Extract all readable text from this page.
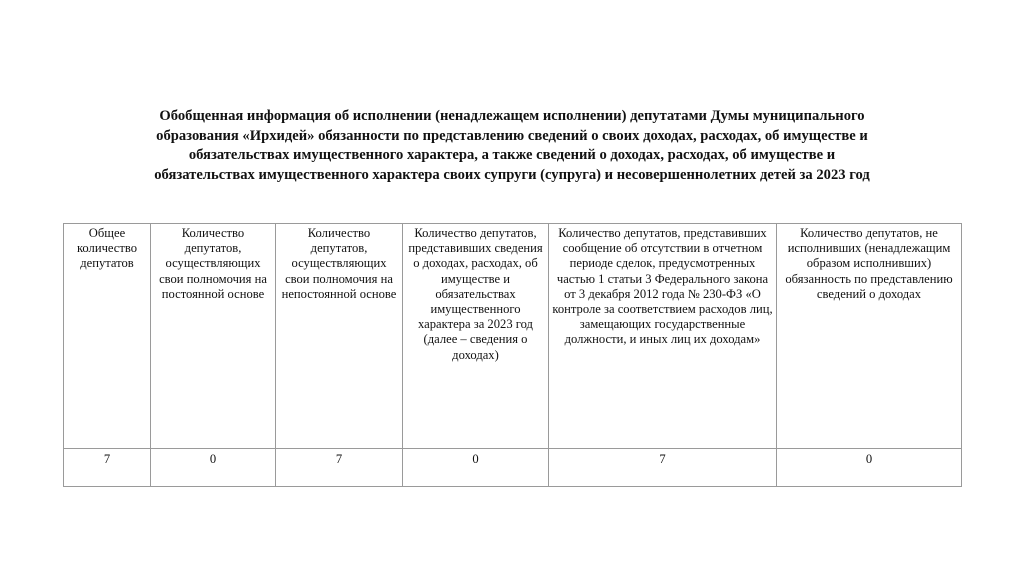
Обобщенная информация об исполнении (ненадлежащем исполнении) депутатами Думы муниципального
образования «Ирхидей» обязанности по представлению сведений о своих доходах, расходах, об имуществе и
обязательствах имущественного характера, а также сведений о доходах, расходах, об имуществе и
обязательствах имущественного характера своих супруги (супруга) и несовершеннолетних детей за 2023 год
Общее количество депутатов	Количество депутатов, осуществляющих свои полномочия на постоянной основе	Количество депутатов, осуществляющих свои полномочия на непостоянной основе	Количество депутатов, представивших сведения о доходах, расходах, об имуществе и обязательствах имущественного характера за 2023 год (далее – сведения о доходах)	Количество депутатов, представивших сообщение об отсутствии в отчетном периоде сделок, предусмотренных частью 1 статьи 3 Федерального закона от 3 декабря 2012 года № 230-ФЗ «О контроле за соответствием расходов лиц, замещающих государственные должности, и иных лиц их доходам»	Количество депутатов, не исполнивших (ненадлежащим образом исполнивших) обязанность по представлению сведений о доходах
7	0	7	0	7	0
